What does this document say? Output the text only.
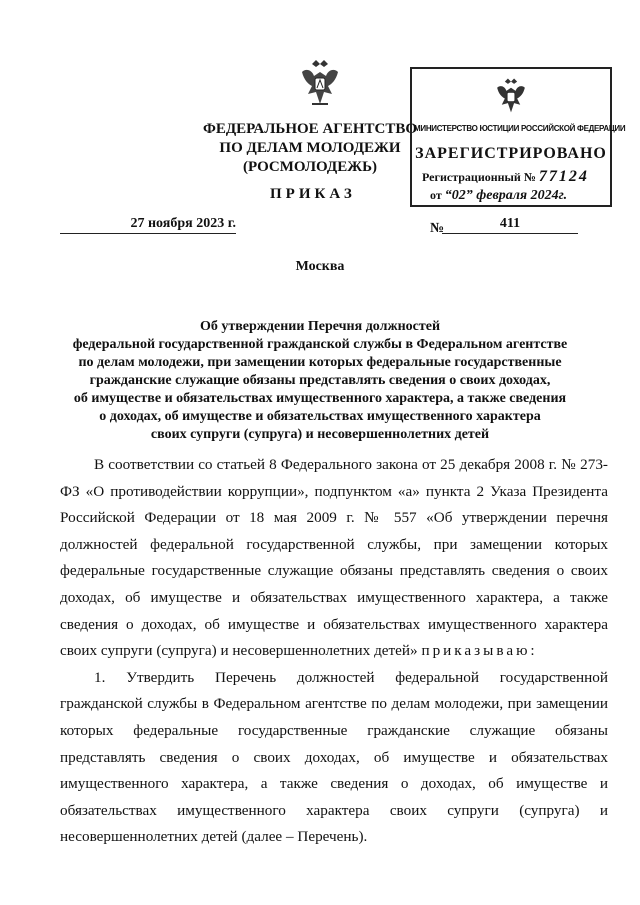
ФЕДЕРАЛЬНОЕ АГЕНТСТВО
ПО ДЕЛАМ МОЛОДЕЖИ
(РОСМОЛОДЕЖЬ)
ПРИКАЗ
МИНИСТЕРСТВО ЮСТИЦИИ РОССИЙСКОЙ ФЕДЕРАЦИИ
ЗАРЕГИСТРИРОВАНО
Регистрационный № 77124
от “02” февраля 2024г.
27 ноября 2023 г.	№	411
Москва
Об утверждении Перечня должностей
федеральной государственной гражданской службы в Федеральном агентстве
по делам молодежи, при замещении которых федеральные государственные
гражданские служащие обязаны представлять сведения о своих доходах,
об имуществе и обязательствах имущественного характера, а также сведения
о доходах, об имуществе и обязательствах имущественного характера
своих супруги (супруга) и несовершеннолетних детей

В соответствии со статьей 8 Федерального закона от 25 декабря 2008 г. № 273-ФЗ «О противодействии коррупции», подпунктом «а» пункта 2 Указа Президента Российской Федерации от 18 мая 2009 г. № 557 «Об утверждении перечня должностей федеральной государственной службы, при замещении которых федеральные государственные служащие обязаны представлять сведения о своих доходах, об имуществе и обязательствах имущественного характера, а также сведения о доходах, об имуществе и обязательствах имущественного характера своих супруги (супруга) и несовершеннолетних детей» приказываю:

1. Утвердить Перечень должностей федеральной государственной гражданской службы в Федеральном агентстве по делам молодежи, при замещении которых федеральные государственные гражданские служащие обязаны представлять сведения о своих доходах, об имуществе и обязательствах имущественного характера, а также сведения о доходах, об имуществе и обязательствах имущественного характера своих супруги (супруга) и несовершеннолетних детей (далее – Перечень).
